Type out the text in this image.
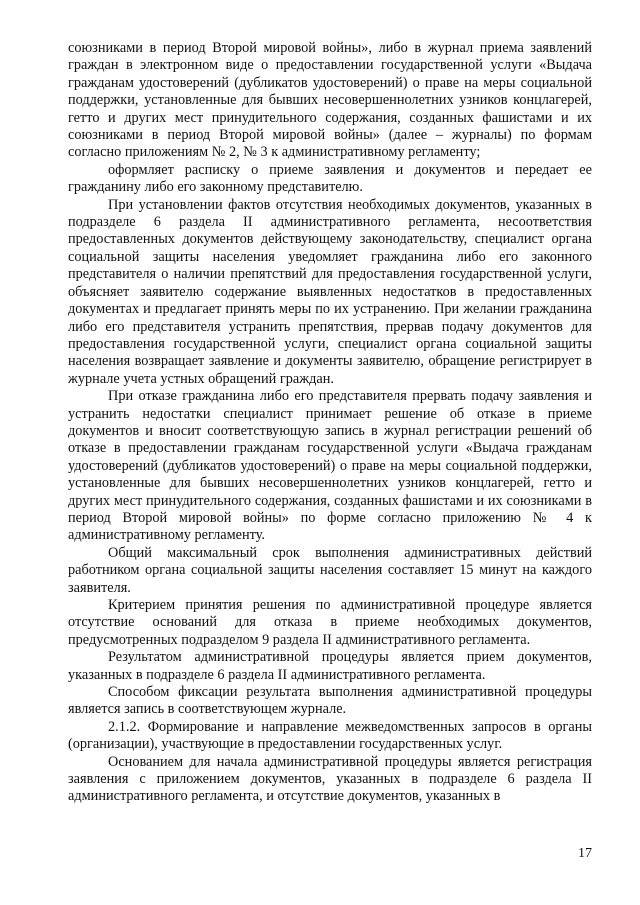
союзниками в период Второй мировой войны», либо в журнал приема заявлений граждан в электронном виде о предоставлении государственной услуги «Выдача гражданам удостоверений (дубликатов удостоверений) о праве на меры социальной поддержки, установленные для бывших несовершеннолетних узников концлагерей, гетто и других мест принудительного содержания, созданных фашистами и их союзниками в период Второй мировой войны» (далее – журналы) по формам согласно приложениям № 2, № 3 к административному регламенту;

оформляет расписку о приеме заявления и документов и передает ее гражданину либо его законному представителю.

При установлении фактов отсутствия необходимых документов, указанных в подразделе 6 раздела II административного регламента, несоответствия предоставленных документов действующему законодательству, специалист органа социальной защиты населения уведомляет гражданина либо его законного представителя о наличии препятствий для предоставления государственной услуги, объясняет заявителю содержание выявленных недостатков в предоставленных документах и предлагает принять меры по их устранению. При желании гражданина либо его представителя устранить препятствия, прервав подачу документов для предоставления государственной услуги, специалист органа социальной защиты населения возвращает заявление и документы заявителю, обращение регистрирует в журнале учета устных обращений граждан.

При отказе гражданина либо его представителя прервать подачу заявления и устранить недостатки специалист принимает решение об отказе в приеме документов и вносит соответствующую запись в журнал регистрации решений об отказе в предоставлении гражданам государственной услуги «Выдача гражданам удостоверений (дубликатов удостоверений) о праве на меры социальной поддержки, установленные для бывших несовершеннолетних узников концлагерей, гетто и других мест принудительного содержания, созданных фашистами и их союзниками в период Второй мировой войны» по форме согласно приложению № 4 к административному регламенту.

Общий максимальный срок выполнения административных действий работником органа социальной защиты населения составляет 15 минут на каждого заявителя.

Критерием принятия решения по административной процедуре является отсутствие оснований для отказа в приеме необходимых документов, предусмотренных подразделом 9 раздела II административного регламента.

Результатом административной процедуры является прием документов, указанных в подразделе 6 раздела II административного регламента.

Способом фиксации результата выполнения административной процедуры является запись в соответствующем журнале.

2.1.2. Формирование и направление межведомственных запросов в органы (организации), участвующие в предоставлении государственных услуг.

Основанием для начала административной процедуры является регистрация заявления с приложением документов, указанных в подразделе 6 раздела II административного регламента, и отсутствие документов, указанных в

17
